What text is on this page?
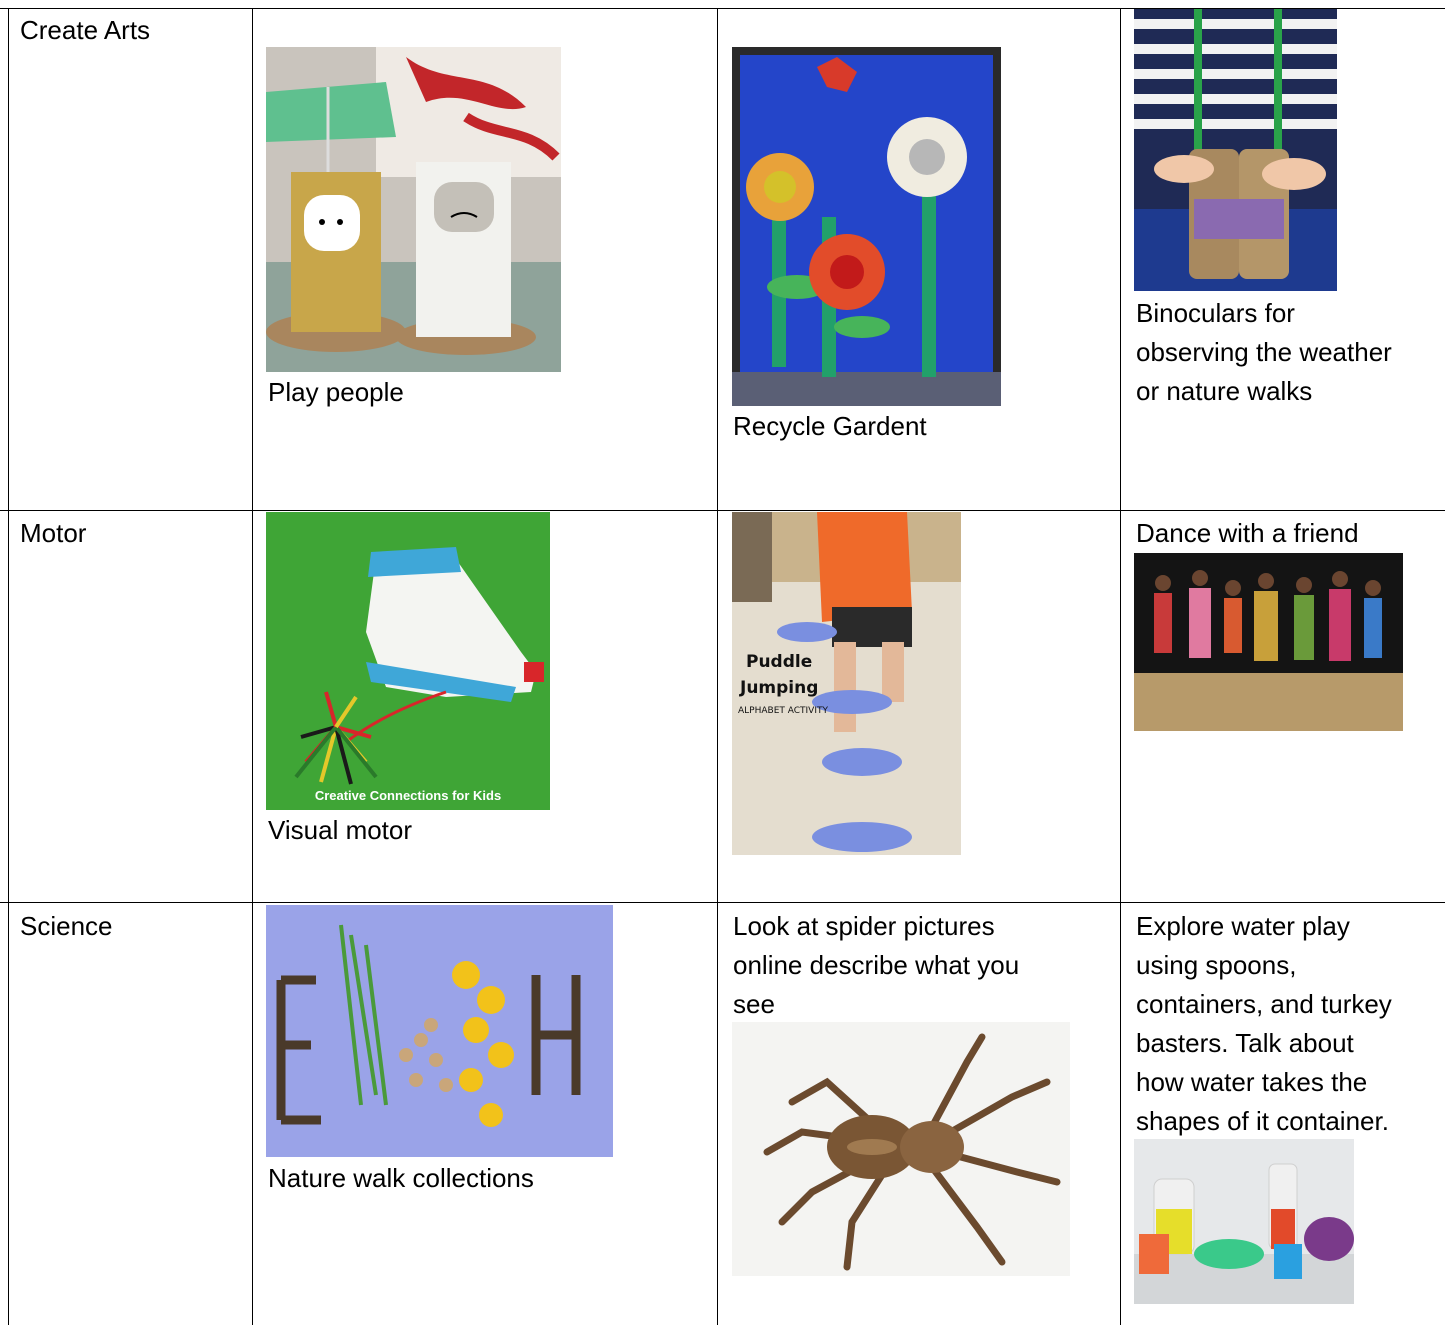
Create Arts
Play people
Recycle Gardent
Binoculars for
observing the weather
or nature walks
Motor
Creative Connections for Kids
Visual motor
Puddle
Jumping
ALPHABET ACTIVITY
Dance with a friend
Science
Nature walk collections
Look at spider pictures
online describe what you
see
Explore water play
using spoons,
containers, and turkey
basters. Talk about
how water takes the
shapes of it container.
